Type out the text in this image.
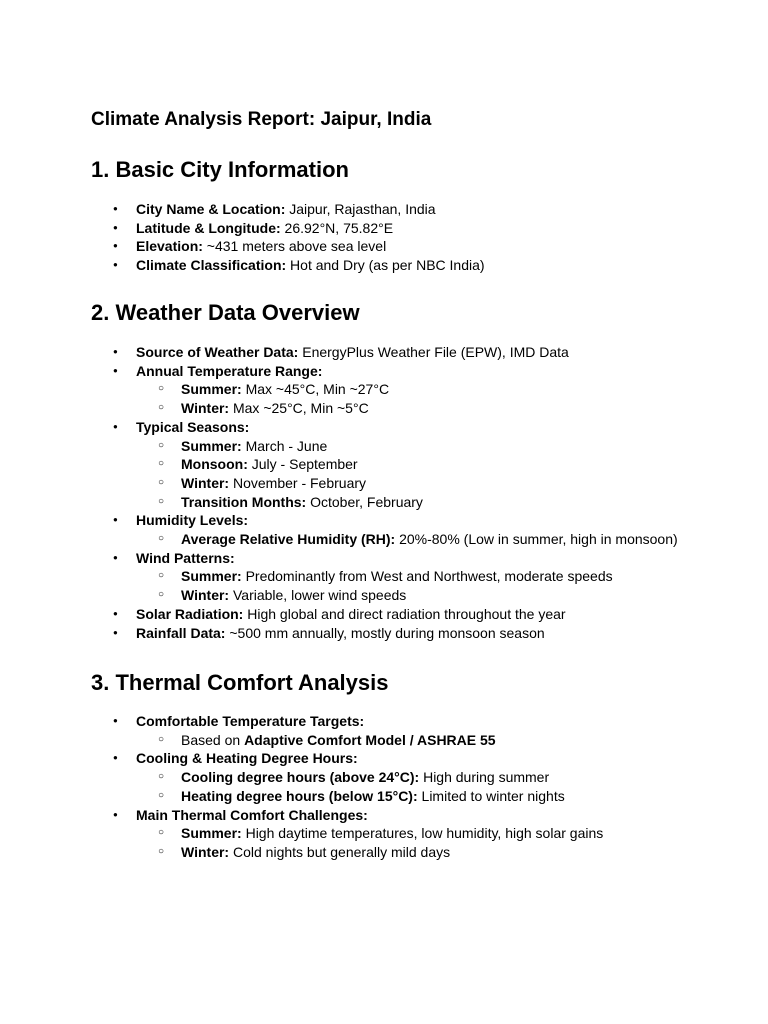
Climate Analysis Report: Jaipur, India
1. Basic City Information
● City Name & Location: Jaipur, Rajasthan, India
● Latitude & Longitude: 26.92°N, 75.82°E
● Elevation: ~431 meters above sea level
● Climate Classification: Hot and Dry (as per NBC India)
2. Weather Data Overview
● Source of Weather Data: EnergyPlus Weather File (EPW), IMD Data
● Annual Temperature Range:
○ Summer: Max ~45°C, Min ~27°C
○ Winter: Max ~25°C, Min ~5°C
● Typical Seasons:
○ Summer: March - June
○ Monsoon: July - September
○ Winter: November - February
○ Transition Months: October, February
● Humidity Levels:
○ Average Relative Humidity (RH): 20%-80% (Low in summer, high in monsoon)
● Wind Patterns:
○ Summer: Predominantly from West and Northwest, moderate speeds
○ Winter: Variable, lower wind speeds
● Solar Radiation: High global and direct radiation throughout the year
● Rainfall Data: ~500 mm annually, mostly during monsoon season
3. Thermal Comfort Analysis
● Comfortable Temperature Targets:
○ Based on Adaptive Comfort Model / ASHRAE 55
● Cooling & Heating Degree Hours:
○ Cooling degree hours (above 24°C): High during summer
○ Heating degree hours (below 15°C): Limited to winter nights
● Main Thermal Comfort Challenges:
○ Summer: High daytime temperatures, low humidity, high solar gains
○ Winter: Cold nights but generally mild days
